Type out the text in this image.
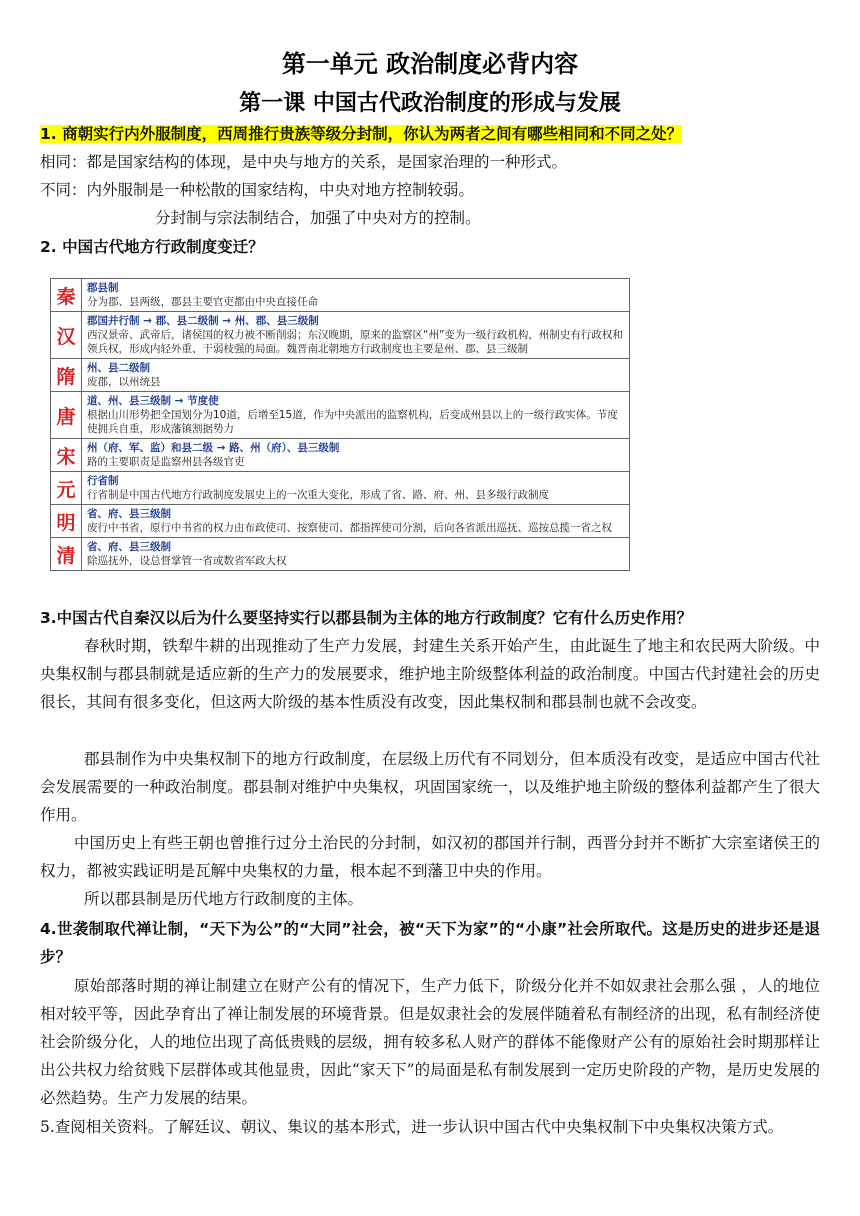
第一单元 政治制度必背内容
第一课 中国古代政治制度的形成与发展
1. 商朝实行内外服制度，西周推行贵族等级分封制，你认为两者之间有哪些相同和不同之处？
相同：都是国家结构的体现，是中央与地方的关系，是国家治理的一种形式。
不同：内外服制是一种松散的国家结构，中央对地方控制较弱。
分封制与宗法制结合，加强了中央对方的控制。
2. 中国古代地方行政制度变迁？
秦	郡县制
分为郡、县两级，郡县主要官吏都由中央直接任命

汉	郡国并行制 → 郡、县二级制 → 州、郡、县三级制
西汉景帝、武帝后，诸侯国的权力被不断削弱；东汉晚期，原来的监察区“州”变为一级行政机构，州制史有行政权和领兵权，形成内轻外重、干弱枝强的局面。魏晋南北朝地方行政制度也主要是州、郡、县三级制

隋	州、县二级制
废郡，以州统县

唐	道、州、县三级制 → 节度使
根据山川形势把全国划分为10道，后增至15道，作为中央派出的监察机构，后变成州县以上的一级行政实体。节度使拥兵自重，形成藩镇割据势力

宋	州（府、军、监）和县二级 → 路、州（府）、县三级制
路的主要职责是监察州县各级官吏

元	行省制
行省制是中国古代地方行政制度发展史上的一次重大变化，形成了省、路、府、州、县多级行政制度

明	省、府、县三级制
废行中书省，原行中书省的权力由布政使司、按察使司、都指挥使司分割，后向各省派出巡抚、巡按总揽一省之权

清	省、府、县三级制
除巡抚外，设总督掌管一省或数省军政大权
3.中国古代自秦汉以后为什么要坚持实行以郡县制为主体的地方行政制度？它有什么历史作用？
春秋时期，铁犁牛耕的出现推动了生产力发展，封建生关系开始产生，由此诞生了地主和农民两大阶级。中央集权制与郡县制就是适应新的生产力的发展要求，维护地主阶级整体利益的政治制度。中国古代封建社会的历史很长，其间有很多变化，但这两大阶级的基本性质没有改变，因此集权制和郡县制也就不会改变。
郡县制作为中央集权制下的地方行政制度，在层级上历代有不同划分，但本质没有改变，是适应中国古代社会发展需要的一种政治制度。郡县制对维护中央集权，巩固国家统一，以及维护地主阶级的整体利益都产生了很大作用。
中国历史上有些王朝也曾推行过分土治民的分封制，如汉初的郡国并行制，西晋分封并不断扩大宗室诸侯王的权力，都被实践证明是瓦解中央集权的力量，根本起不到藩卫中央的作用。
所以郡县制是历代地方行政制度的主体。
4.世袭制取代禅让制，“天下为公”的“大同”社会，被“天下为家”的“小康”社会所取代。这是历史的进步还是退步？
原始部落时期的禅让制建立在财产公有的情况下，生产力低下，阶级分化并不如奴隶社会那么强 ，人的地位相对较平等，因此孕育出了禅让制发展的环境背景。但是奴隶社会的发展伴随着私有制经济的出现，私有制经济使社会阶级分化，人的地位出现了高低贵贱的层级，拥有较多私人财产的群体不能像财产公有的原始社会时期那样让出公共权力给贫贱下层群体或其他显贵，因此“家天下”的局面是私有制发展到一定历史阶段的产物，是历史发展的必然趋势。生产力发展的结果。
5.查阅相关资料。了解廷议、朝议、集议的基本形式，进一步认识中国古代中央集权制下中央集权决策方式。
